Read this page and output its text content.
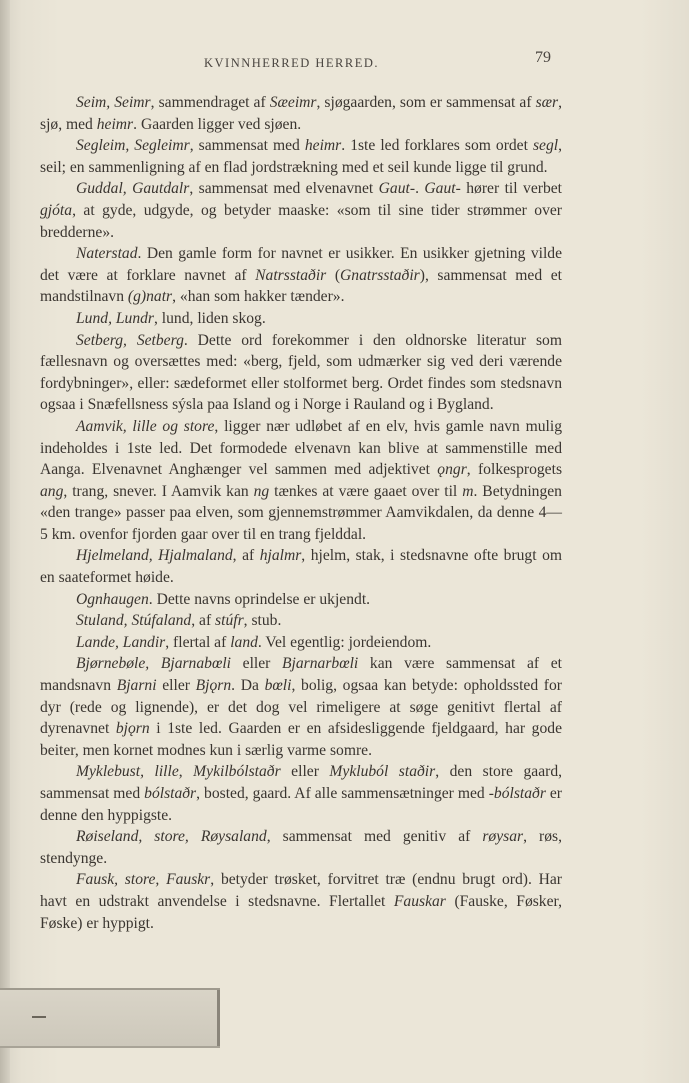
KVINNHERRED HERRED.	79

Seim, Seimr, sammendraget af Sæeimr, sjøgaarden, som er sammensat af sær, sjø, med heimr. Gaarden ligger ved sjøen.

Segleim, Segleimr, sammensat med heimr. 1ste led forklares som ordet segl, seil; en sammenligning af en flad jordstrækning med et seil kunde ligge til grund.

Guddal, Gautdalr, sammensat med elvenavnet Gaut-. Gaut- hører til verbet gjóta, at gyde, udgyde, og betyder maaske: «som til sine tider strømmer over bredderne».

Naterstad. Den gamle form for navnet er usikker. En usikker gjetning vilde det være at forklare navnet af Natrsstaðir (Gnatrsstaðir), sammensat med et mandstilnavn (g)natr, «han som hakker tænder».

Lund, Lundr, lund, liden skog.

Setberg, Setberg. Dette ord forekommer i den oldnorske literatur som fællesnavn og oversættes med: «berg, fjeld, som udmærker sig ved deri værende fordybninger», eller: sædeformet eller stolformet berg. Ordet findes som stedsnavn ogsaa i Snæfellsness sýsla paa Island og i Norge i Rauland og i Bygland.

Aamvik, lille og store, ligger nær udløbet af en elv, hvis gamle navn mulig indeholdes i 1ste led. Det formodede elvenavn kan blive at sammenstille med Aanga. Elvenavnet Anghænger vel sammen med adjektivet ǫngr, folkesprogets ang, trang, snever. I Aamvik kan ng tænkes at være gaaet over til m. Betydningen «den trange» passer paa elven, som gjennemstrømmer Aamvikdalen, da denne 4—5 km. ovenfor fjorden gaar over til en trang fjelddal.

Hjelmeland, Hjalmaland, af hjalmr, hjelm, stak, i stedsnavne ofte brugt om en saateformet høide.

Ognhaugen. Dette navns oprindelse er ukjendt.

Stuland, Stúfaland, af stúfr, stub.

Lande, Landir, flertal af land. Vel egentlig: jordeiendom.

Bjørnebøle, Bjarnabœli eller Bjarnarbœli kan være sammensat af et mandsnavn Bjarni eller Bjǫrn. Da bœli, bolig, ogsaa kan betyde: opholdssted for dyr (rede og lignende), er det dog vel rimeligere at søge genitivt flertal af dyrenavnet bjǫrn i 1ste led. Gaarden er en afsidesliggende fjeldgaard, har gode beiter, men kornet modnes kun i særlig varme somre.

Myklebust, lille, Mykilbólstaðr eller Mykluból staðir, den store gaard, sammensat med bólstaðr, bosted, gaard. Af alle sammensætninger med -bólstaðr er denne den hyppigste.

Røiseland, store, Røysaland, sammensat med genitiv af røysar, røs, stendynge.

Fausk, store, Fauskr, betyder trøsket, forvitret træ (endnu brugt ord). Har havt en udstrakt anvendelse i stedsnavne. Flertallet Fauskar (Fauske, Føsker, Føske) er hyppigt.
